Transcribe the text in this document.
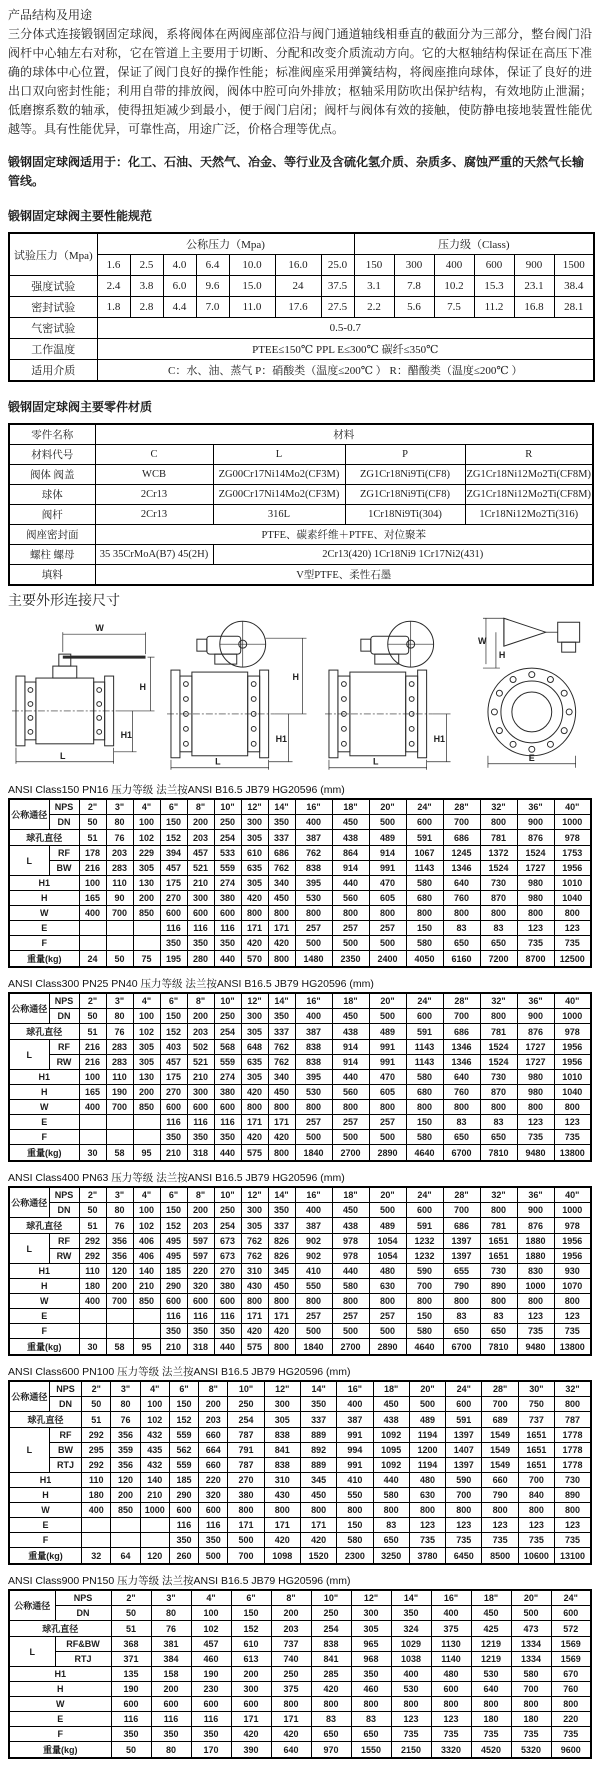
产品结构及用途

三分体式连接锻钢固定球阀，系将阀体在两阀座部位沿与阀门通道轴线相垂直的截面分为三部分，整台阀门沿阀杆中心轴左右对称，它在管道上主要用于切断、分配和改变介质流动方向。它的大枢轴结构保证在高压下准确的球体中心位置，保证了阀门良好的操作性能；标准阀座采用弹簧结构，将阀座推向球体，保证了良好的进出口双向密封性能；利用自带的排放阀，阀体中腔可向外排放；枢轴采用防吹出保护结构，有效地防止泄漏；低磨擦系数的轴承，使得扭矩减少到最小，便于阀门启闭；阀杆与阀体有效的接触，使防静电接地装置性能优越等。具有性能优异，可靠性高，用途广泛，价格合理等优点。

锻钢固定球阀适用于：化工、石油、天然气、冶金、等行业及含硫化氢介质、杂质多、腐蚀严重的天然气长输管线。

锻钢固定球阀主要性能规范
试验压力（Mpa)	公称压力（Mpa)							压力级（Class)					
	1.6	2.5	4.0	6.4	10.0	16.0	25.0	150	300	400	600	900	1500
强度试验	2.4	3.8	6.0	9.6	15.0	24	37.5	3.1	7.8	10.2	15.3	23.1	38.4
密封试验	1.8	2.8	4.4	7.0	11.0	17.6	27.5	2.2	5.6	7.5	11.2	16.8	28.1
气密试验	0.5-0.7												
工作温度	PTEE≤150℃ PPL E≤300℃ 碳纤≤350℃												
适用介质	C：水、油、蒸气 P：硝酸类（温度≤200℃ ） R：醋酸类（温度≤200℃ ）												
锻钢固定球阀主要零件材质
零件名称	材料			
材料代号	C	L	P	R
阀体 阀盖	WCB	ZG00Cr17Ni14Mo2(CF3M)	ZG1Cr18Ni9Ti(CF8)	ZG1Cr18Ni12Mo2Ti(CF8M)
球体	2Cr13	ZG00Cr17Ni14Mo2(CF3M)	ZG1Cr18Ni9Ti(CF8)	ZG1Cr18Ni12Mo2Ti(CF8M)
阀杆	2Cr13	316L	1Cr18Ni9Ti(304)	1Cr18Ni12Mo2Ti(316)
阀座密封面	PTFE、碳素纤维＋PTFE、对位聚苯			
螺柱 螺母	35 35CrMoA(B7) 45(2H)	2Cr13(420) 1Cr18Ni9 1Cr17Ni2(431)		
填料	V型PTFE、柔性石墨			
主要外形连接尺寸
W
H
H1
L
H
H1
L
H1
L
W
H
E
ANSI Class150 PN16 压力等级 法兰按ANSI B16.5 JB79 HG20596 (mm)
公称通径	NPS	2"	3"	4"	6"	8"	10"	12"	14"	16"	18"	20"	24"	28"	32"	36"	40"
	DN	50	80	100	150	200	250	300	350	400	450	500	600	700	800	900	1000
球孔直径		51	76	102	152	203	254	305	337	387	438	489	591	686	781	876	978
L	RF	178	203	229	394	457	533	610	686	762	864	914	1067	1245	1372	1524	1753
	BW	216	283	305	457	521	559	635	762	838	914	991	1143	1346	1524	1727	1956
H1		100	110	130	175	210	274	305	340	395	440	470	580	640	730	980	1010
H		165	90	200	270	300	380	420	450	530	560	605	680	760	870	980	1040
W		400	700	850	600	600	600	800	800	800	800	800	800	800	800	800	800
E					116	116	116	171	171	257	257	257	150	83	83	123	123
F					350	350	350	420	420	500	500	500	580	650	650	735	735
重量(kg)		24	50	75	195	280	440	570	800	1480	2350	2400	4050	6160	7200	8700	12500
ANSI Class300 PN25 PN40 压力等级 法兰按ANSI B16.5 JB79 HG20596 (mm)
公称通径	NPS	2"	3"	4"	6"	8"	10"	12"	14"	16"	18"	20"	24"	28"	32"	36"	40"
	DN	50	80	100	150	200	250	300	350	400	450	500	600	700	800	900	1000
球孔直径		51	76	102	152	203	254	305	337	387	438	489	591	686	781	876	978
L	RF	216	283	305	403	502	568	648	762	838	914	991	1143	1346	1524	1727	1956
	RW	216	283	305	457	521	559	635	762	838	914	991	1143	1346	1524	1727	1956
H1		100	110	130	175	210	274	305	340	395	440	470	580	640	730	980	1010
H		165	190	200	270	300	380	420	450	530	560	605	680	760	870	980	1040
W		400	700	850	600	600	600	800	800	800	800	800	800	800	800	800	800
E					116	116	116	171	171	257	257	257	150	83	83	123	123
F					350	350	350	420	420	500	500	500	580	650	650	735	735
重量(kg)		30	58	95	210	318	440	575	800	1840	2700	2890	4640	6700	7810	9480	13800
ANSI Class400 PN63 压力等级 法兰按ANSI B16.5 JB79 HG20596 (mm)
公称通径	NPS	2"	3"	4"	6"	8"	10"	12"	14"	16"	18"	20"	24"	28"	32"	36"	40"
	DN	50	80	100	150	200	250	300	350	400	450	500	600	700	800	900	1000
球孔直径		51	76	102	152	203	254	305	337	387	438	489	591	686	781	876	978
L	RF	292	356	406	495	597	673	762	826	902	978	1054	1232	1397	1651	1880	1956
	RW	292	356	406	495	597	673	762	826	902	978	1054	1232	1397	1651	1880	1956
H1		110	120	140	185	220	270	310	345	410	440	480	590	655	730	830	930
H		180	200	210	290	320	380	430	450	550	580	630	700	790	890	1000	1070
W		400	700	850	600	600	600	800	800	800	800	800	800	800	800	800	800
E					116	116	116	171	171	257	257	257	150	83	83	123	123
F					350	350	350	420	420	500	500	500	580	650	650	735	735
重量(kg)		30	58	95	210	318	440	575	800	1840	2700	2890	4640	6700	7810	9480	13800
ANSI Class600 PN100 压力等级 法兰按ANSI B16.5 JB79 HG20596 (mm)
公称通径	NPS	2"	3"	4"	6"	8"	10"	12"	14"	16"	18"	20"	24"	28"	30"	32"
	DN	50	80	100	150	200	250	300	350	400	450	500	600	700	750	800
球孔直径		51	76	102	152	203	254	305	337	387	438	489	591	689	737	787
L	RF	292	356	432	559	660	787	838	889	991	1092	1194	1397	1549	1651	1778
	BW	295	359	435	562	664	791	841	892	994	1095	1200	1407	1549	1651	1778
	RTJ	292	356	432	559	660	787	838	889	991	1092	1194	1397	1549	1651	1778
H1		110	120	140	185	220	270	310	345	410	440	480	590	660	700	730
H		180	200	210	290	320	380	430	450	550	580	630	700	790	840	890
W		400	850	1000	600	600	800	800	800	800	800	800	800	800	800	800
E					116	116	171	171	171	150	83	123	123	123	123	123
F					350	350	500	420	420	580	650	735	735	735	735	735
重量(kg)		32	64	120	260	500	700	1098	1520	2300	3250	3780	6450	8500	10600	13100
ANSI Class900 PN150 压力等级 法兰按ANSI B16.5 JB79 HG20596 (mm)
公称通径	NPS	2"	3"	4"	6"	8"	10"	12"	14"	16"	18"	20"	24"
	DN	50	80	100	150	200	250	300	350	400	450	500	600
球孔直径		51	76	102	152	203	254	305	324	375	425	473	572
L	RF&BW	368	381	457	610	737	838	965	1029	1130	1219	1334	1569
	RTJ	371	384	460	613	740	841	968	1038	1140	1219	1334	1569
H1		135	158	190	200	250	285	350	400	480	530	580	670
H		190	200	230	300	375	420	460	530	600	640	700	760
W		600	600	600	600	800	800	800	800	800	800	800	800
E		116	116	116	171	171	83	83	123	123	180	180	220
F		350	350	350	420	420	650	650	735	735	735	735	735
重量(kg)		50	80	170	390	640	970	1550	2150	3320	4520	5320	9600
